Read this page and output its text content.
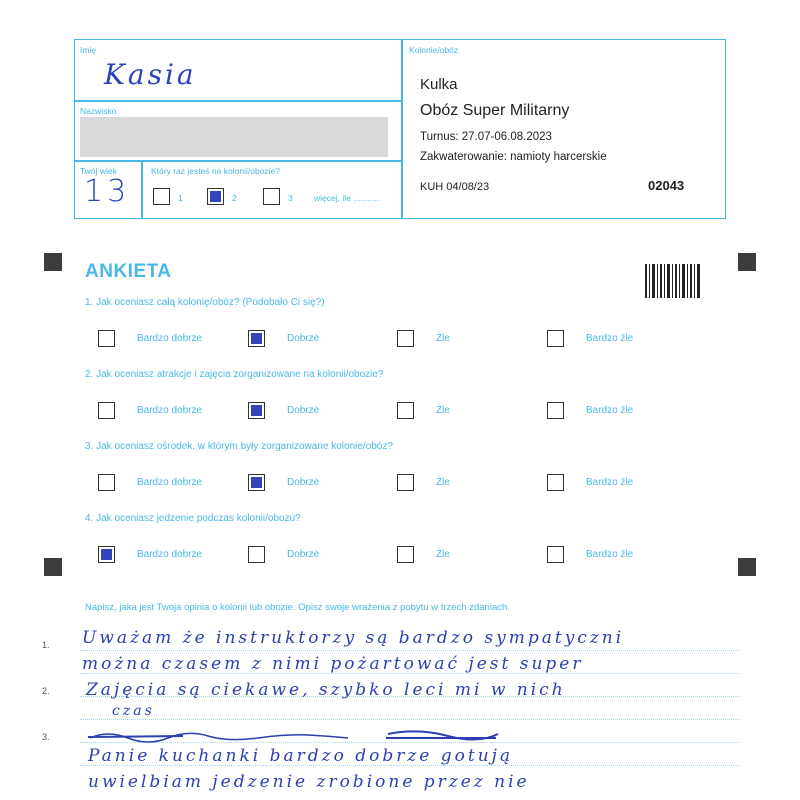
Imię
Kasia
Nazwisko
Twój wiek
13
Który raz jesteś na kolonii/obozie?
1	2	3	więcej, ile ...........
Kolonie/obóz
Kulka
Obóz Super Militarny
Turnus: 27.07-06.08.2023
Zakwaterowanie: namioty harcerskie
KUH 04/08/23	02043
ANKIETA
1. Jak oceniasz całą kolonię/obóz? (Podobało Ci się?)
Bardzo dobrze	Dobrze	Źle	Bardzo źle
2. Jak oceniasz atrakcje i zajęcia zorganizowane na kolonii/obozie?
Bardzo dobrze	Dobrze	Źle	Bardzo źle
3. Jak oceniasz ośrodek, w którym były zorganizowane kolonie/obóz?
Bardzo dobrze	Dobrze	Źle	Bardzo źle
4. Jak oceniasz jedzenie podczas kolonii/obozu?
Bardzo dobrze	Dobrze	Źle	Bardzo źle
Napisz, jaka jest Twoja opinia o kolonii lub obozie. Opisz swoje wrażenia z pobytu w trzech zdaniach.
1.
2.
3.
Uważam że instruktorzy są bardzo sympatyczni
można czasem z nimi pożartować jest super
Zajęcia są ciekawe, szybko leci mi w nich
czas
Panie kuchanki bardzo dobrze gotują
uwielbiam jedzenie zrobione przez nie
